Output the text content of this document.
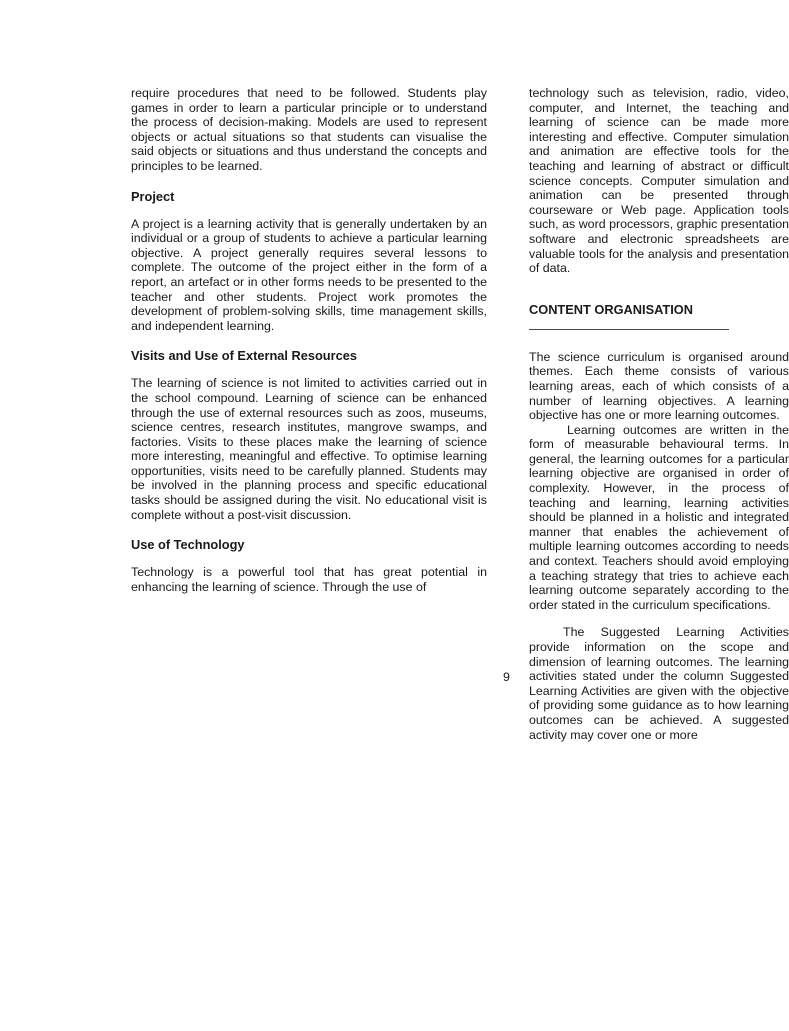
require procedures that need to be followed. Students play games in order to learn a particular principle or to understand the process of decision-making. Models are used to represent objects or actual situations so that students can visualise the said objects or situations and thus understand the concepts and principles to be learned.

Project

A project is a learning activity that is generally undertaken by an individual or a group of students to achieve a particular learning objective. A project generally requires several lessons to complete. The outcome of the project either in the form of a report, an artefact or in other forms needs to be presented to the teacher and other students. Project work promotes the development of problem-solving skills, time management skills, and independent learning.

Visits and Use of External Resources

The learning of science is not limited to activities carried out in the school compound. Learning of science can be enhanced through the use of external resources such as zoos, museums, science centres, research institutes, mangrove swamps, and factories. Visits to these places make the learning of science more interesting, meaningful and effective. To optimise learning opportunities, visits need to be carefully planned. Students may be involved in the planning process and specific educational tasks should be assigned during the visit. No educational visit is complete without a post-visit discussion.

Use of Technology

Technology is a powerful tool that has great potential in enhancing the learning of science. Through the use of

technology such as television, radio, video, computer, and Internet, the teaching and learning of science can be made more interesting and effective. Computer simulation and animation are effective tools for the teaching and learning of abstract or difficult science concepts. Computer simulation and animation can be presented through courseware or Web page. Application tools such, as word processors, graphic presentation software and electronic spreadsheets are valuable tools for the analysis and presentation of data.

CONTENT ORGANISATION

The science curriculum is organised around themes. Each theme consists of various learning areas, each of which consists of a number of learning objectives. A learning objective has one or more learning outcomes.

Learning outcomes are written in the form of measurable behavioural terms. In general, the learning outcomes for a particular learning objective are organised in order of complexity. However, in the process of teaching and learning, learning activities should be planned in a holistic and integrated manner that enables the achievement of multiple learning outcomes according to needs and context. Teachers should avoid employing a teaching strategy that tries to achieve each learning outcome separately according to the order stated in the curriculum specifications.

The Suggested Learning Activities provide information on the scope and dimension of learning outcomes. The learning activities stated under the column Suggested Learning Activities are given with the objective of providing some guidance as to how learning outcomes can be achieved. A suggested activity may cover one or more

9
